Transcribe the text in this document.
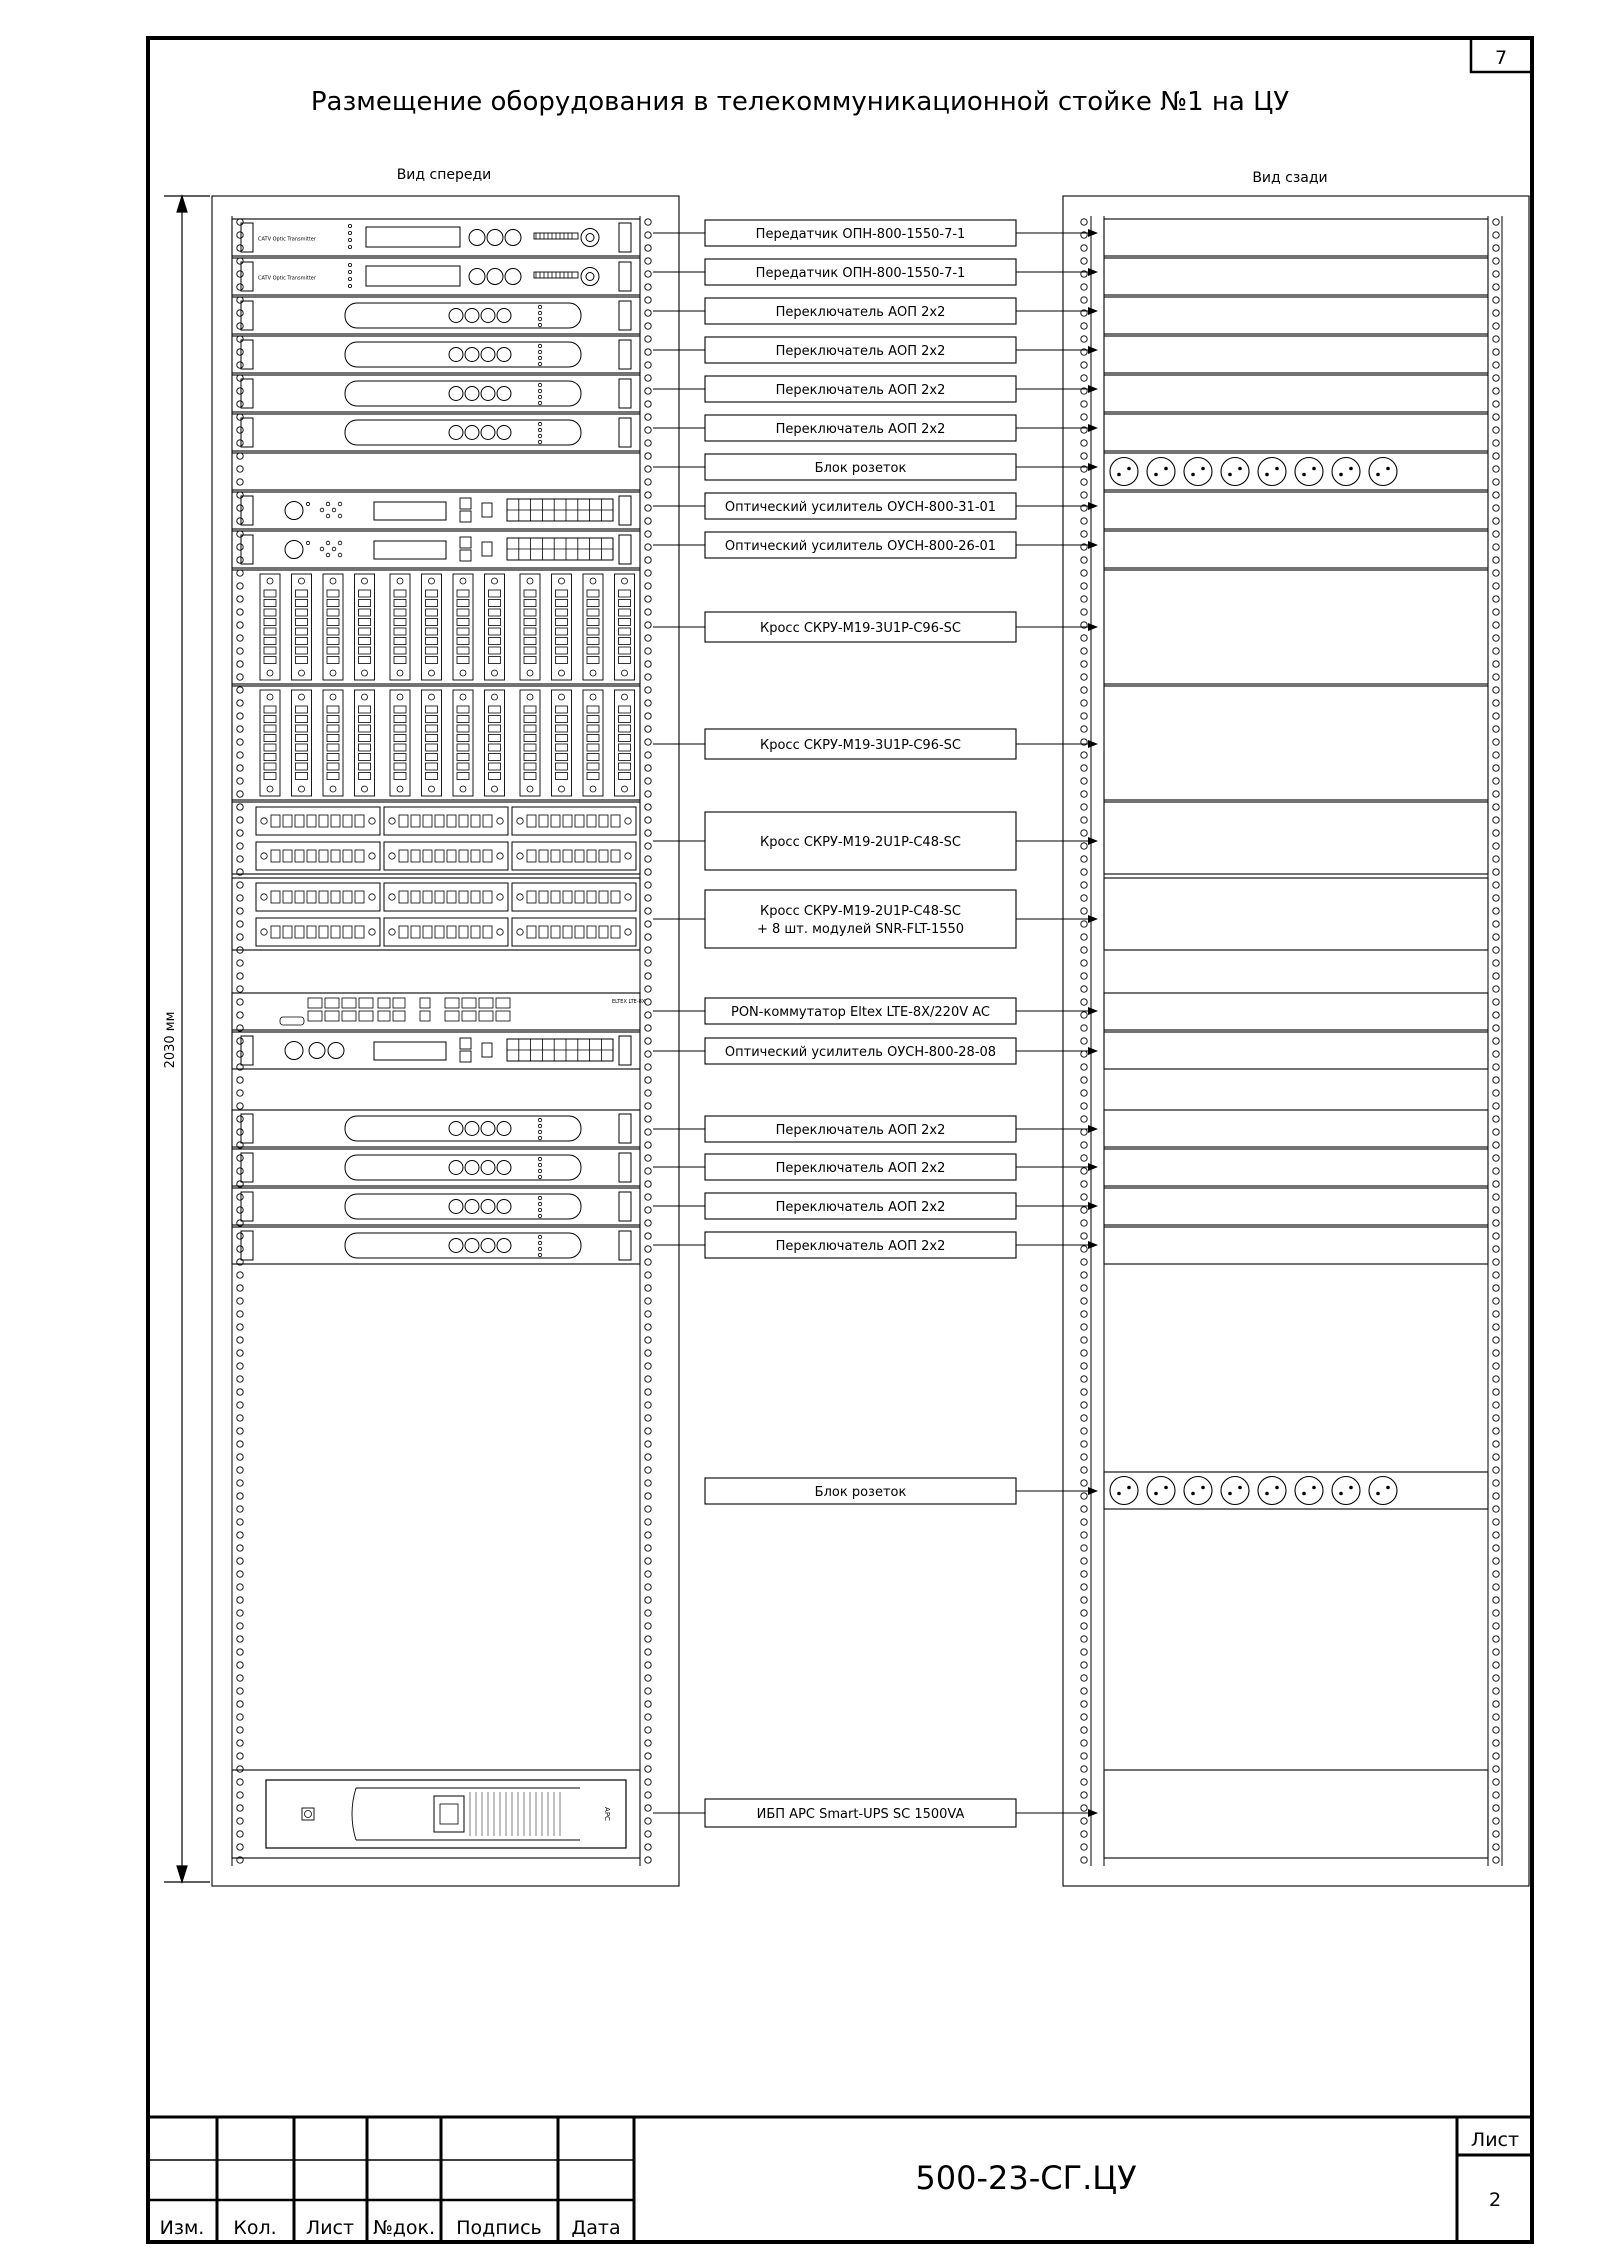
7
Размещение оборудования в телекоммуникационной стойке №1 на ЦУ
Вид спереди	Вид сзади
2030 мм
CATV Optic Transmitter
CATV Optic Transmitter
ELTEX LTE-8X
APC
Передатчик ОПН-800-1550-7-1
Передатчик ОПН-800-1550-7-1
Переключатель АОП 2х2
Переключатель АОП 2х2
Переключатель АОП 2х2
Переключатель АОП 2х2
Блок розеток
Оптический усилитель ОУСН-800-31-01
Оптический усилитель ОУСН-800-26-01
Кросс СКРУ-М19-3U1P-С96-SC
Кросс СКРУ-М19-3U1P-С96-SC
Кросс СКРУ-М19-2U1P-С48-SC
Кросс СКРУ-М19-2U1P-С48-SC
+ 8 шт. модулей SNR-FLT-1550
PON-коммутатор Eltex LTE-8X/220V AC
Оптический усилитель ОУСН-800-28-08
Переключатель АОП 2х2
Переключатель АОП 2х2
Переключатель АОП 2х2
Переключатель АОП 2х2
Блок розеток
ИБП APC Smart-UPS SC 1500VA
500-23-СГ.ЦУ
Лист
2
Изм. Кол. Лист №док. Подпись Дата
